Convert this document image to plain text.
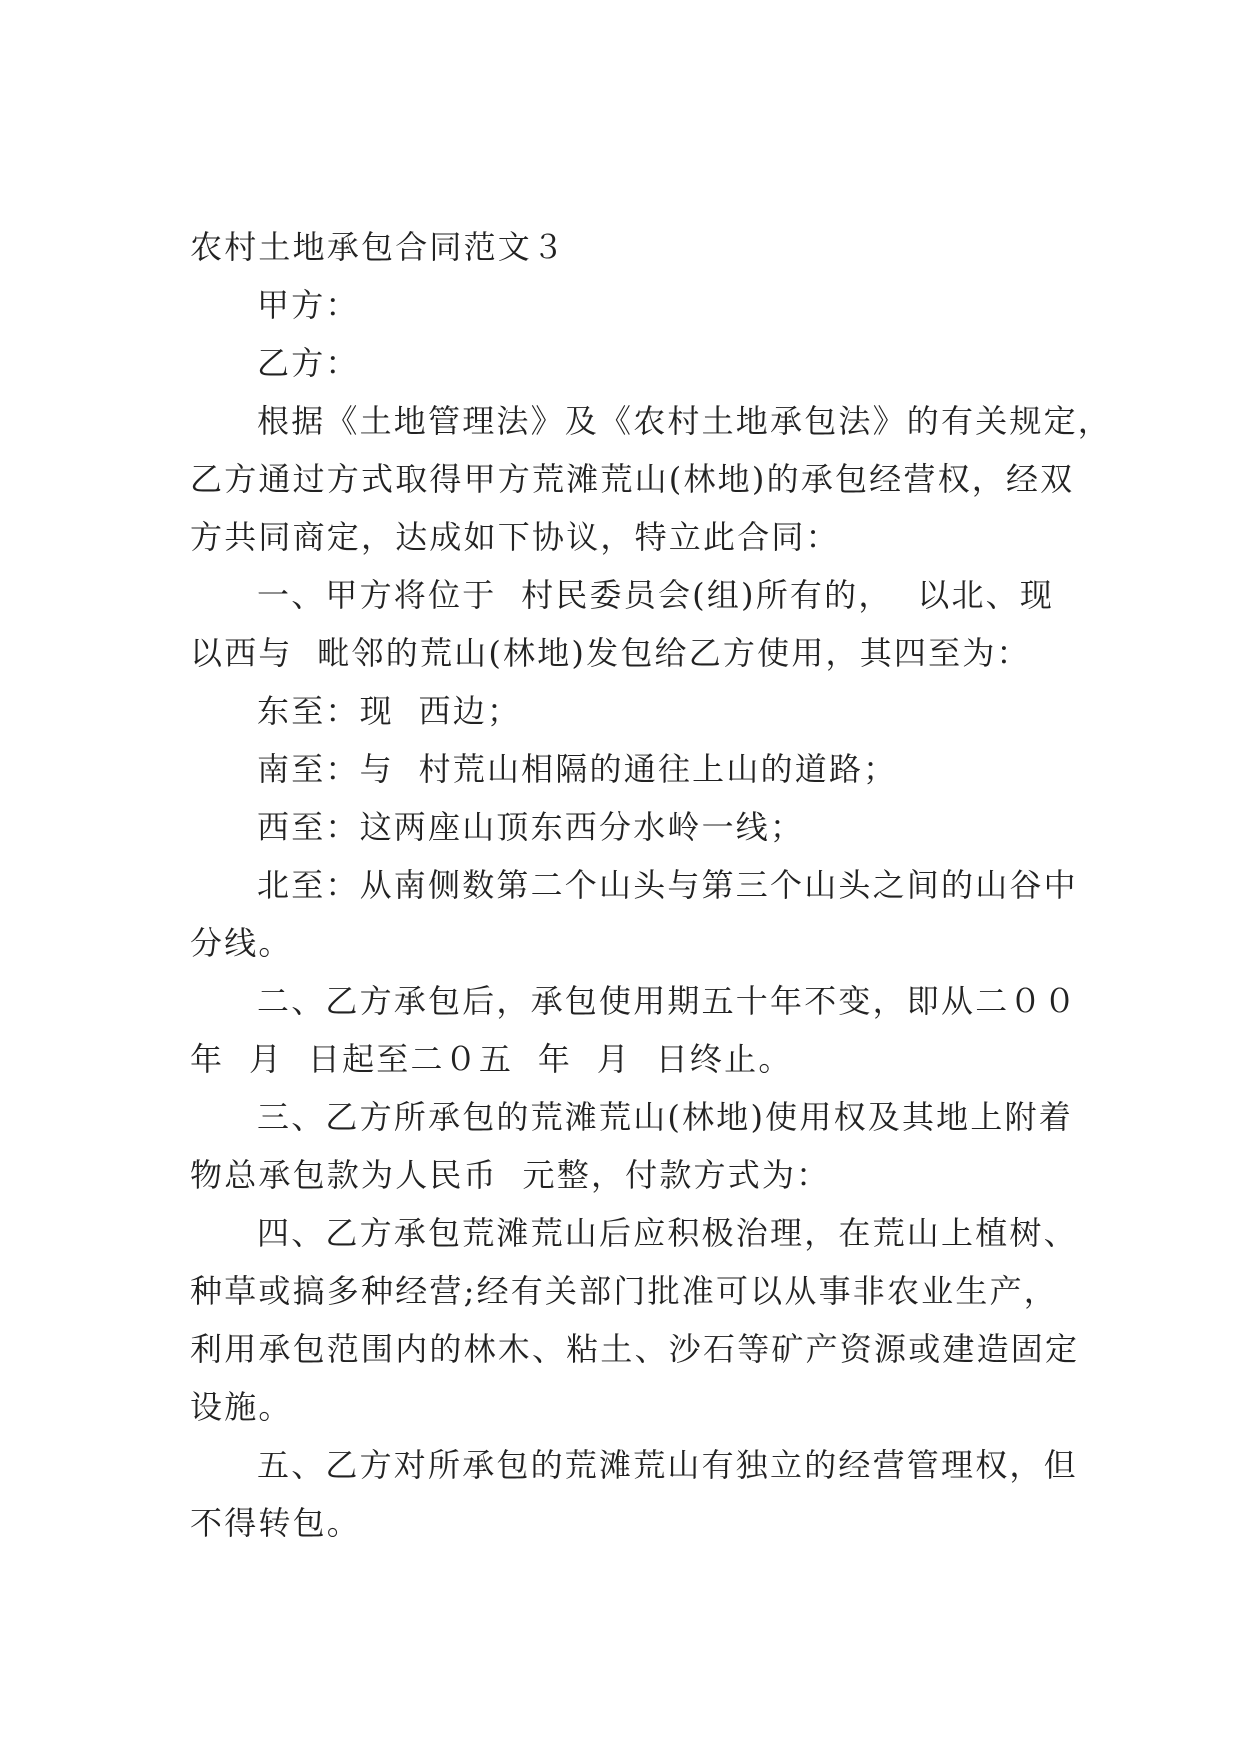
农村土地承包合同范文３
甲方：
乙方：
根据《土地管理法》及《农村土地承包法》的有关规定，
乙方通过方式取得甲方荒滩荒山(林地)的承包经营权，经双
方共同商定，达成如下协议，特立此合同：
一、甲方将位于  村民委员会(组)所有的，  以北、现
以西与  毗邻的荒山(林地)发包给乙方使用，其四至为：
东至：现  西边；
南至：与  村荒山相隔的通往上山的道路；
西至：这两座山顶东西分水岭一线；
北至：从南侧数第二个山头与第三个山头之间的山谷中
分线。
二、乙方承包后，承包使用期五十年不变，即从二００
年  月  日起至二０五  年  月  日终止。
三、乙方所承包的荒滩荒山(林地)使用权及其地上附着
物总承包款为人民币  元整，付款方式为：
四、乙方承包荒滩荒山后应积极治理，在荒山上植树、
种草或搞多种经营;经有关部门批准可以从事非农业生产，
利用承包范围内的林木、粘土、沙石等矿产资源或建造固定
设施。
五、乙方对所承包的荒滩荒山有独立的经营管理权，但
不得转包。
